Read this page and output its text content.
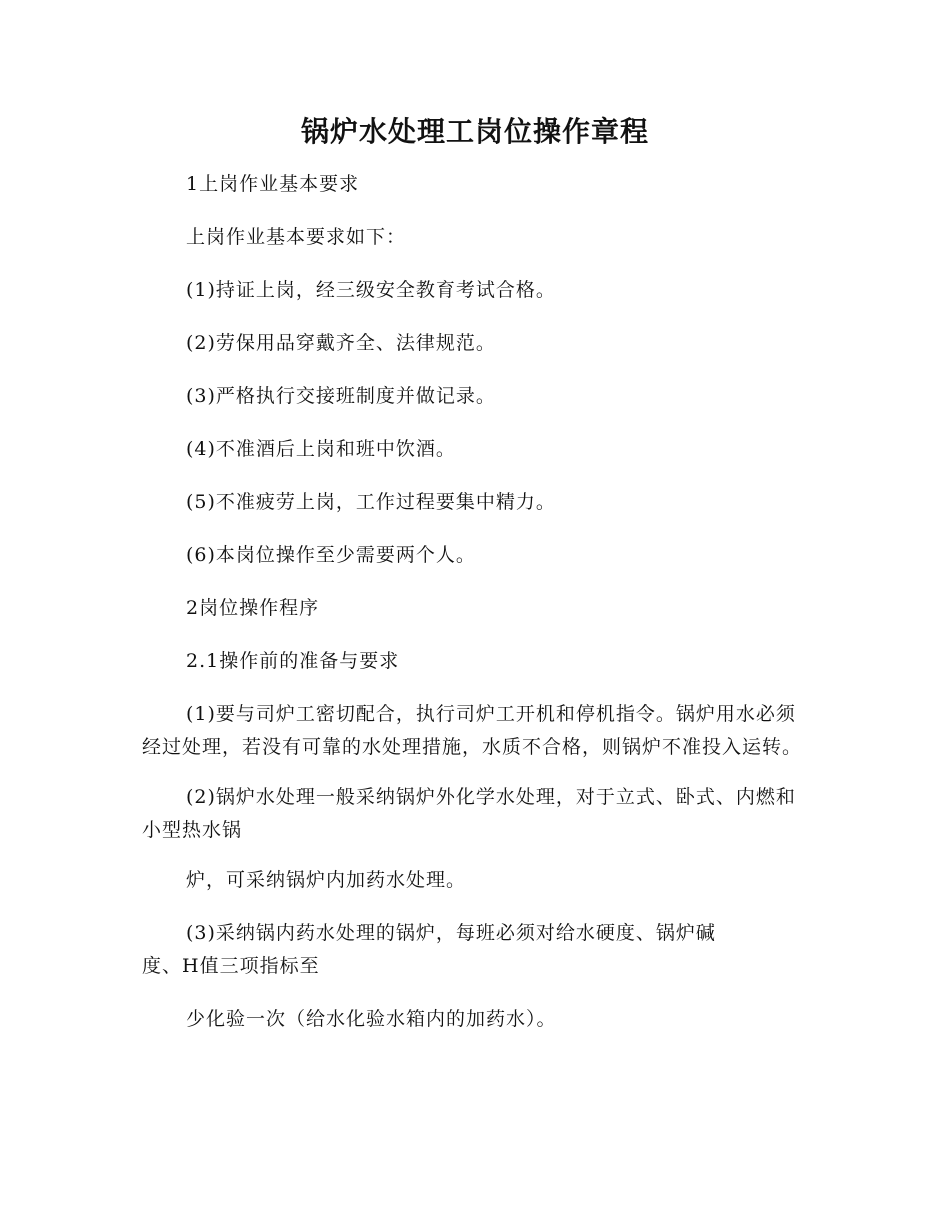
锅炉水处理工岗位操作章程

1上岗作业基本要求

上岗作业基本要求如下：

(1)持证上岗，经三级安全教育考试合格。

(2)劳保用品穿戴齐全、法律规范。

(3)严格执行交接班制度并做记录。

(4)不准酒后上岗和班中饮酒。

(5)不准疲劳上岗，工作过程要集中精力。

(6)本岗位操作至少需要两个人。

2岗位操作程序

2.1操作前的准备与要求

(1)要与司炉工密切配合，执行司炉工开机和停机指令。锅炉用水必须经过处理，若没有可靠的水处理措施，水质不合格，则锅炉不准投入运转。

(2)锅炉水处理一般采纳锅炉外化学水处理，对于立式、卧式、内燃和小型热水锅

炉，可采纳锅炉内加药水处理。

(3)采纳锅内药水处理的锅炉，每班必须对给水硬度、锅炉碱

度、H值三项指标至

少化验一次（给水化验水箱内的加药水）。
